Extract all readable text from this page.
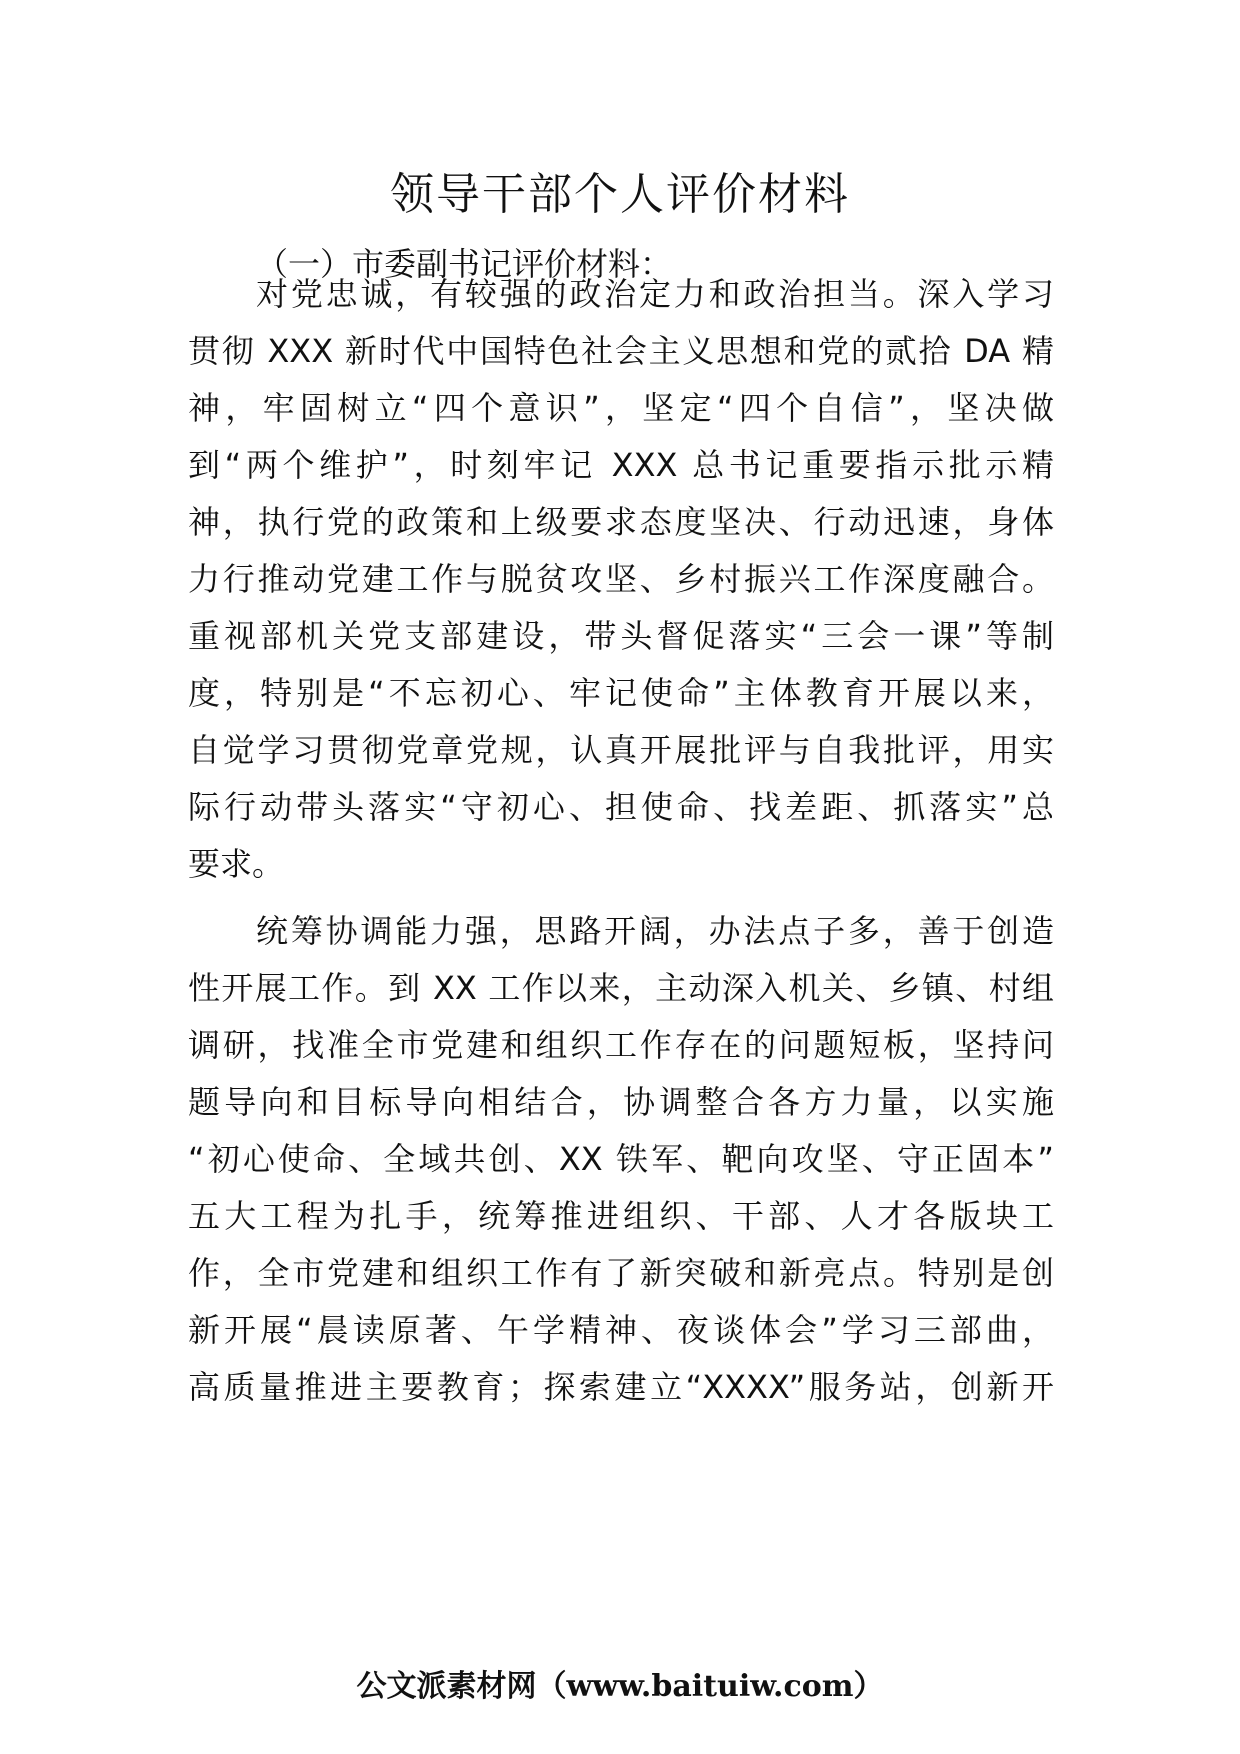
领导干部个人评价材料
（一）市委副书记评价材料：
对党忠诚，有较强的政治定力和政治担当。深入学习
贯彻 XXX 新时代中国特色社会主义思想和党的贰拾 DA 精
神，牢固树立“四个意识”，坚定“四个自信”，坚决做
到“两个维护”，时刻牢记 XXX 总书记重要指示批示精
神，执行党的政策和上级要求态度坚决、行动迅速，身体
力行推动党建工作与脱贫攻坚、乡村振兴工作深度融合。
重视部机关党支部建设，带头督促落实“三会一课”等制
度，特别是“不忘初心、牢记使命”主体教育开展以来，
自觉学习贯彻党章党规，认真开展批评与自我批评，用实
际行动带头落实“守初心、担使命、找差距、抓落实”总
要求。
统筹协调能力强，思路开阔，办法点子多，善于创造
性开展工作。到 XX 工作以来，主动深入机关、乡镇、村组
调研，找准全市党建和组织工作存在的问题短板，坚持问
题导向和目标导向相结合，协调整合各方力量，以实施
“初心使命、全域共创、XX 铁军、靶向攻坚、守正固本”
五大工程为扎手，统筹推进组织、干部、人才各版块工
作，全市党建和组织工作有了新突破和新亮点。特别是创
新开展“晨读原著、午学精神、夜谈体会”学习三部曲，
高质量推进主要教育；探索建立“XXXX”服务站，创新开
公文派素材网（www.baituiw.com）
